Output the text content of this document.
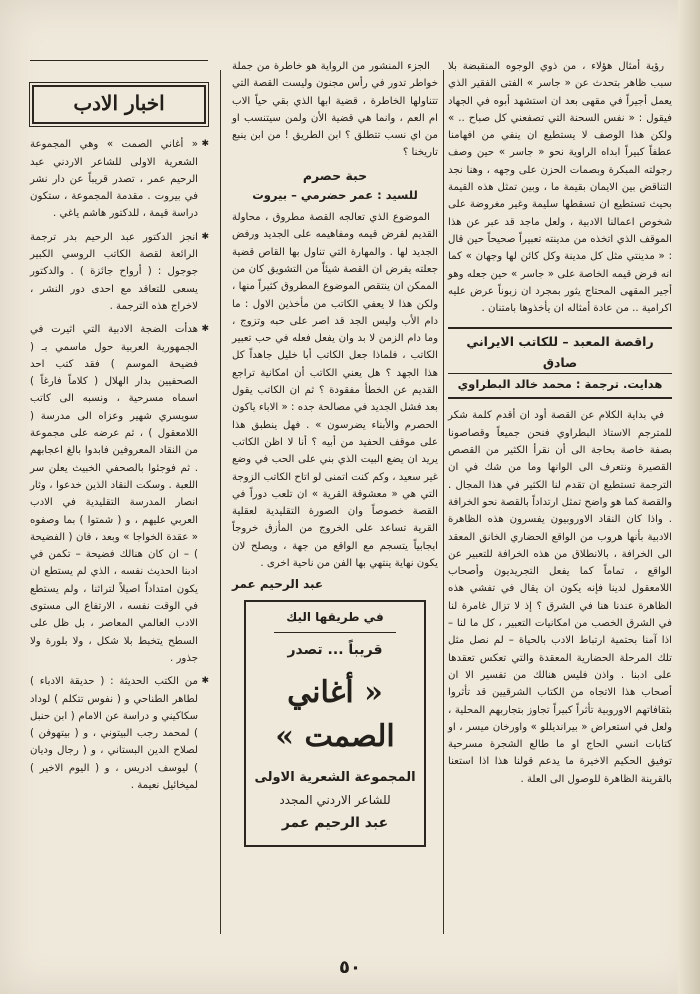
رؤية أمثال هؤلاء ، من ذوي الوجوه المنقبضة بلا سبب ظاهر بتحدث عن « جاسر » الفتى الفقير الذي يعمل أجيراً في مقهى بعد ان استشهد أبوه في الجهاد فيقول : « نفس السحنة التي تصفعني كل صباح .. » ولكن هذا الوصف لا يستطيع ان ينفي من افهامنا عطفاً كبيراً ابداه الراوية نحو « جاسر » حين وصف رجولته المبكرة وبصمات الحزن على وجهه ، وهنا نجد التناقض بين الايمان بقيمة ما ، وبين تمثل هذه القيمة بحيث تستطيع ان تسقطها سليمة وغير مغروضة على شخوص اعمالنا الادبية ، ولعل ماجد قد عبر عن هذا الموقف الذي اتخذه من مدينته تعبيراً صحيحاً حين قال : « مدينتي مثل كل مدينة وكل كائن لها وجهان » كما انه فرض قيمه الخاصة على « جاسر » حين جعله وهو أجير المقهى المحتاج يثور بمجرد ان زبوناً عرض عليه اكرامية .. من عادة أمثاله ان يأخذوها بامتنان .

راقصة المعبد – للكاتب الايراني صادق
هدايت. ترجمة : محمد خالد البطراوي

في بداية الكلام عن القصة أود ان أقدم كلمة شكر للمترجم الاستاذ البطراوي فنحن جميعاً وقصاصونا بصفة خاصة بحاجة الى أن نقرأ الكثير من القصص القصيرة ونتعرف الى الوانها وما من شك في ان الترجمة تستطيع ان تقدم لنا الكثير في هذا المجال . والقصة كما هو واضح تمثل ارتداداً بالقصة نحو الخرافة . واذا كان النقاد الاوروبيون يفسرون هذه الظاهرة الادبية بأنها هروب من الواقع الحضاري الخانق المعقد الى الخرافة ، بالانطلاق من هذه الخرافة للتعبير عن الواقع ، تماماً كما يفعل التجريديون وأصحاب اللامعقول لدينا فإنه يكون ان يقال في تفشي هذه الظاهرة عندنا هنا في الشرق ؟ إذ لا تزال غامرة لنا في الشرق الخصب من امكانيات التعبير ، كل ما لنا – اذا آمنا بحتمية ارتباط الادب بالحياة – لم نصل مثل تلك المرحلة الحضارية المعقدة والتي تعكس تعقدها على ادبنا . واذن فليس هنالك من تفسير الا ان أصحاب هذا الاتجاه من الكتاب الشرقيين قد تأثروا بثقافاتهم الاوروبية تأثراً كبيراً تجاوز بتجاربهم المحلية ، ولعل في استعراض « بيرانديللو » واورخان ميسر ، او كتابات انسي الحاج او ما طالع الشجرة مسرحية توفيق الحكيم الاخيرة ما يدعم قولنا هذا اذا استعنا بالقرينة الظاهرة للوصول الى العلة .

الجزء المنشور من الرواية هو خاطرة من جملة خواطر تدور في رأس مجنون وليست القصة التي تتناولها الخاطرة ، قضية ابها الذي بقي حياً الاب ام العم ، وانما هي قضية الأن ولمن سيتنسب او من اي نسب تتطلق ؟ ابن الطريق ! من ابن ينبع تاريخنا ؟

حبة حصرم
للسيد : عمر حضرمي – بيروت

الموضوع الذي تعالجه القصة مطروق ، محاولة القديم لفرض قيمه ومفاهيمه على الجديد ورفض الجديد لها . والمهارة التي تناول بها القاص قضية جعلته يفرض ان القصة شيئاً من التشويق كان من الممكن ان ينتقص الموضوع المطروق كثيراً منها ، ولكن هذا لا يعفي الكاتب من مأخذين الاول : ما دام الأب وليس الجد قد اصر على حبه وتزوج ، وما دام الزمن لا بد وان يفعل فعله في حب تعبير الكاتب ، فلماذا جعل الكاتب أبا خليل جاهداً كل هذا الجهد ؟ هل يعني الكاتب أن امكانية تراجع القديم عن الخطأ مفقودة ؟ ثم ان الكاتب يقول بعد فشل الجديد في مصالحة جده : « الاباء ياكون الحصرم والأبناء يضرسون » . فهل ينطبق هذا على موقف الحفيد من أبيه ؟ أنا لا اظن الكاتب يريد ان يضع البيت الذي بني على الحب في وضع غير سعيد ، وكم كنت اتمنى لو اتاح الكاتب الزوجة التي هي « معشوقة القرية » ان تلعب دوراً في القصة خصوصاً وان الصورة التقليدية لعقلية القرية تساعد على الخروج من المأزق خروجاً ايجابياً يتسجم مع الواقع من جهة ، ويصلح لان يكون نهاية ينتهي بها الفن من ناحية اخرى .

عبد الرحيم عمر
في طريقها اليك
قريباً ... تصدر
« أغاني الصمت »
المجموعة الشعرية الاولى
للشاعر الاردني المجدد
عبد الرحيم عمر
اخبار الادب
✱
« أغاني الصمت » وهي المجموعة الشعرية الاولى للشاعر الاردني عبد الرحيم عمر ، تصدر قريباً عن دار نشر في بيروت . مقدمة المجموعة ، ستكون دراسة قيمة ، للدكتور هاشم ياغي .
✱
انجز الدكتور عبد الرحيم بدر ترجمة الرائعة لقصة الكاتب الروسي الكبير جوجول : ( أرواح جائزة ) . والدكتور يسعى للتعاقد مع احدى دور النشر ، لاخراج هذه الترجمة .
✱
هدأت الضجة الادبية التي اثيرت في الجمهورية العربية حول ماسمي بـ ( فضيحة الموسم ) فقد كتب احد الصحفيين بدار الهلال ( كلاماً فارغاً ) اسماه مسرحية ، ونسبه الى كاتب سويسري شهير وعزاه الى مدرسة ( اللامعقول ) ، ثم عرضه على مجموعة من النقاد المعروفين فابدوا بالغ اعجابهم . ثم فوجئوا بالصحفي الخبيث يعلن سر اللعبة . وسكت النقاد الذين خدعوا ، وثار انصار المدرسة التقليدية في الادب العربي عليهم ، و ( شمتوا ) بما وصفوه « عقدة الخواجا » وبعد ، فان ( الفضيحة ) – ان كان هنالك فضيحة – تكمن في ادبنا الحديث نفسه ، الذي لم يستطع ان يكون امتداداً اصيلاً لتراثنا ، ولم يستطع في الوقت نفسه ، الارتفاع الى مستوى الادب العالمي المعاصر ، بل ظل على السطح يتخبط بلا شكل ، ولا بلورة ولا جذور .
✱
من الكتب الحديثة : ( حديقة الادباء ) لطاهر الطناحي و ( نفوس تتكلم ) لوداد سكاكيني و دراسة عن الامام ( ابن حنبل ) لمحمد رجب البيتوني ، و ( بيتهوفن ) لصلاح الدين البستاني ، و ( رجال وديان ) ليوسف ادريس ، و ( اليوم الاخير ) لميخائيل نعيمة .
٥٠
